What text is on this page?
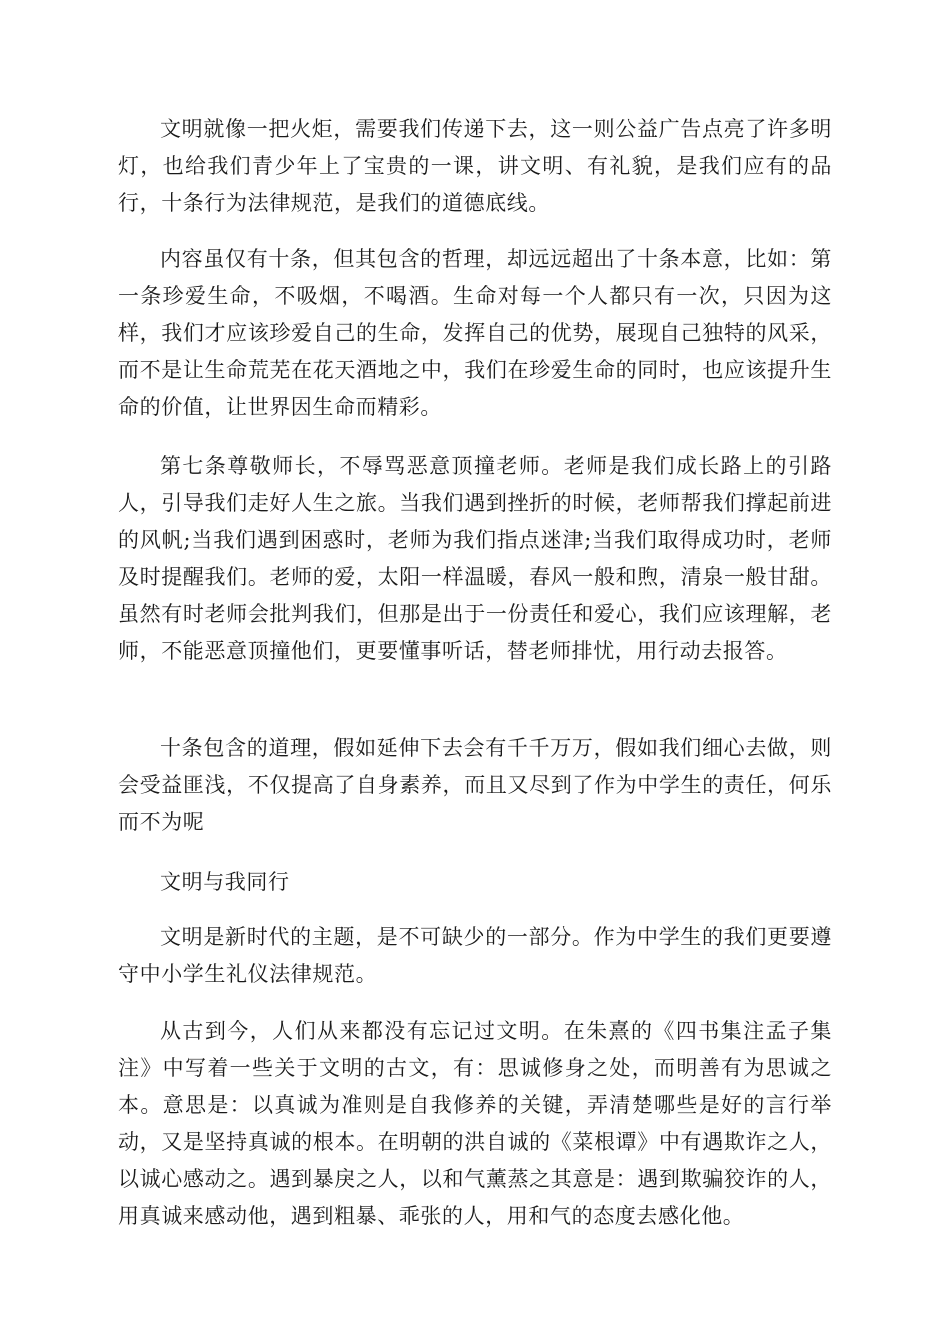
文明就像一把火炬，需要我们传递下去，这一则公益广告点亮了许多明灯，也给我们青少年上了宝贵的一课，讲文明、有礼貌，是我们应有的品行，十条行为法律规范，是我们的道德底线。

内容虽仅有十条，但其包含的哲理，却远远超出了十条本意，比如：第一条珍爱生命，不吸烟，不喝酒。生命对每一个人都只有一次，只因为这样，我们才应该珍爱自己的生命，发挥自己的优势，展现自己独特的风采，而不是让生命荒芜在花天酒地之中，我们在珍爱生命的同时，也应该提升生命的价值，让世界因生命而精彩。

第七条尊敬师长，不辱骂恶意顶撞老师。老师是我们成长路上的引路人，引导我们走好人生之旅。当我们遇到挫折的时候，老师帮我们撑起前进的风帆;当我们遇到困惑时，老师为我们指点迷津;当我们取得成功时，老师及时提醒我们。老师的爱，太阳一样温暖，春风一般和煦，清泉一般甘甜。虽然有时老师会批判我们，但那是出于一份责任和爱心，我们应该理解，老师，不能恶意顶撞他们，更要懂事听话，替老师排忧，用行动去报答。

十条包含的道理，假如延伸下去会有千千万万，假如我们细心去做，则会受益匪浅，不仅提高了自身素养，而且又尽到了作为中学生的责任，何乐而不为呢

文明与我同行

文明是新时代的主题，是不可缺少的一部分。作为中学生的我们更要遵守中小学生礼仪法律规范。

从古到今，人们从来都没有忘记过文明。在朱熹的《四书集注孟子集注》中写着一些关于文明的古文，有：思诚修身之处，而明善有为思诚之本。意思是：以真诚为准则是自我修养的关键，弄清楚哪些是好的言行举动，又是坚持真诚的根本。在明朝的洪自诚的《菜根谭》中有遇欺诈之人，以诚心感动之。遇到暴戾之人，以和气薰蒸之其意是：遇到欺骗狡诈的人，用真诚来感动他，遇到粗暴、乖张的人，用和气的态度去感化他。
